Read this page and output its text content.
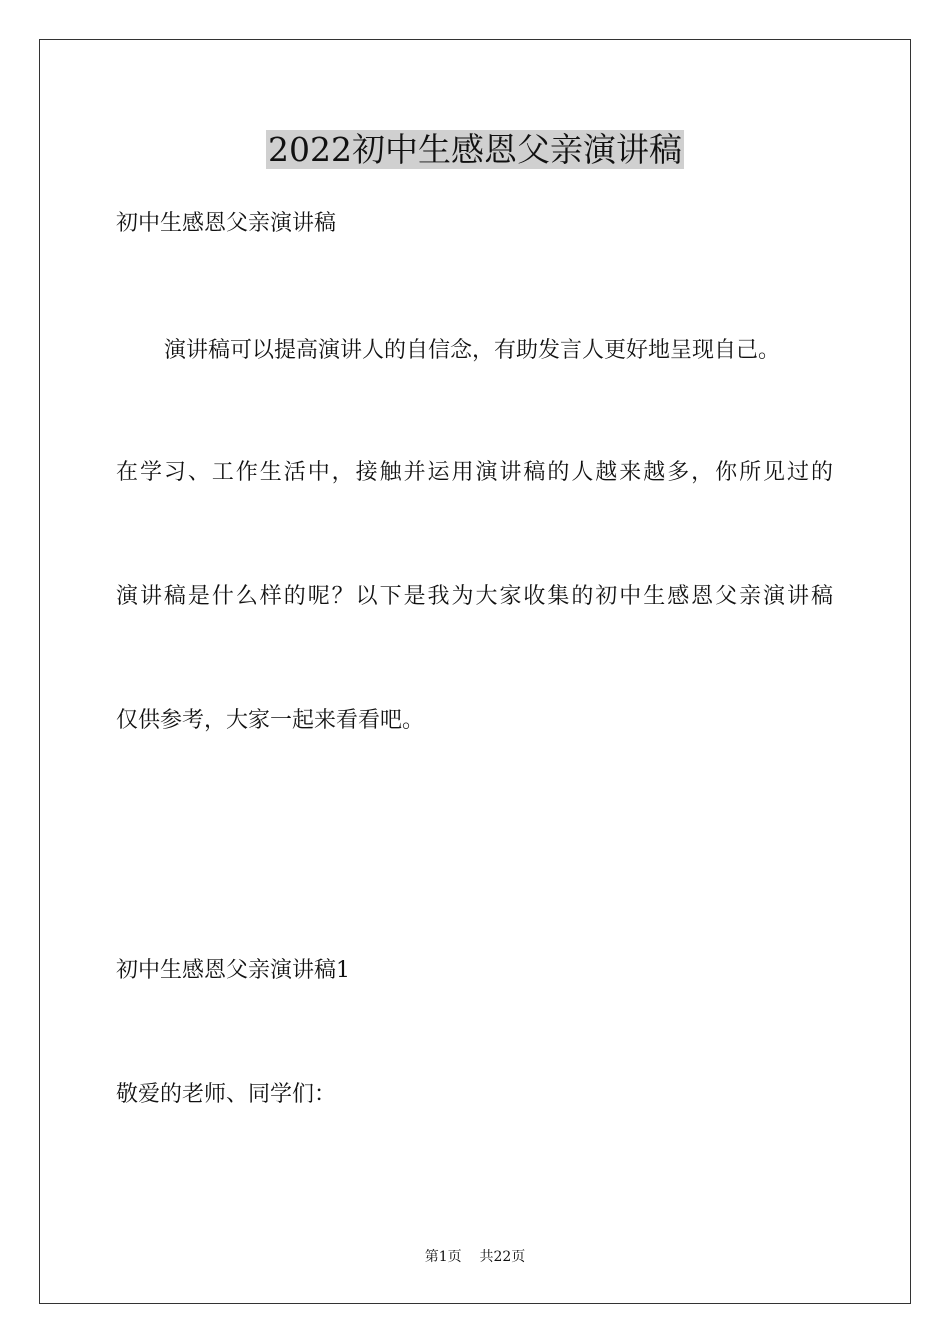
2022初中生感恩父亲演讲稿
初中生感恩父亲演讲稿
演讲稿可以提高演讲人的自信念，有助发言人更好地呈现自己。
在学习、工作生活中，接触并运用演讲稿的人越来越多，你所见过的
演讲稿是什么样的呢？以下是我为大家收集的初中生感恩父亲演讲稿
仅供参考，大家一起来看看吧。
初中生感恩父亲演讲稿1
敬爱的老师、同学们：
第1页    共22页
